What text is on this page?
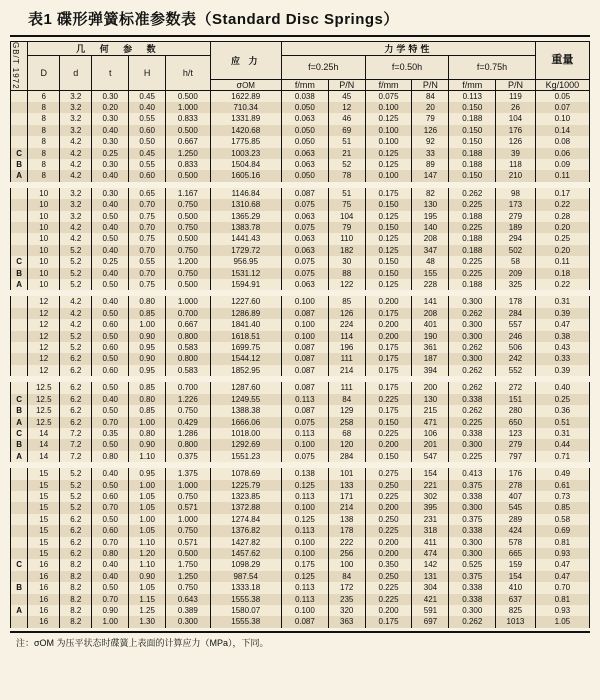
表1 碟形弹簧标准参数表（Standard Disc Springs）
GB/T 1972	几 何 参 数					应 力	力学特性						重量

	D	d	t	H	h/t		f=0.25h		f=0.50h		f=0.75h		
						σOM	f/mm	P/N	f/mm	P/N	f/mm	P/N	Kg/1000
	6	3.2	0.30	0.45	0.500	1622.89	0.038	45	0.075	84	0.113	119	0.05
	8	3.2	0.20	0.40	1.000	710.34	0.050	12	0.100	20	0.150	26	0.07
	8	3.2	0.30	0.55	0.833	1331.89	0.063	46	0.125	79	0.188	104	0.10
	8	3.2	0.40	0.60	0.500	1420.68	0.050	69	0.100	126	0.150	176	0.14
	8	4.2	0.30	0.50	0.667	1775.85	0.050	51	0.100	92	0.150	126	0.08
C	8	4.2	0.25	0.45	1.250	1003.23	0.063	21	0.125	33	0.188	39	0.06
B	8	4.2	0.30	0.55	0.833	1504.84	0.063	52	0.125	89	0.188	118	0.09
A	8	4.2	0.40	0.60	0.500	1605.16	0.050	78	0.100	147	0.150	210	0.11

	10	3.2	0.30	0.65	1.167	1146.84	0.087	51	0.175	82	0.262	98	0.17
	10	3.2	0.40	0.70	0.750	1310.68	0.075	75	0.150	130	0.225	173	0.22
	10	3.2	0.50	0.75	0.500	1365.29	0.063	104	0.125	195	0.188	279	0.28
	10	4.2	0.40	0.70	0.750	1383.78	0.075	79	0.150	140	0.225	189	0.20
	10	4.2	0.50	0.75	0.500	1441.43	0.063	110	0.125	208	0.188	294	0.25
	10	5.2	0.40	0.70	0.750	1729.72	0.063	182	0.125	347	0.188	502	0.20
C	10	5.2	0.25	0.55	1.200	956.95	0.075	30	0.150	48	0.225	58	0.11
B	10	5.2	0.40	0.70	0.750	1531.12	0.075	88	0.150	155	0.225	209	0.18
A	10	5.2	0.50	0.75	0.500	1594.91	0.063	122	0.125	228	0.188	325	0.22

	12	4.2	0.40	0.80	1.000	1227.60	0.100	85	0.200	141	0.300	178	0.31
	12	4.2	0.50	0.85	0.700	1286.89	0.087	126	0.175	208	0.262	284	0.39
	12	4.2	0.60	1.00	0.667	1841.40	0.100	224	0.200	401	0.300	557	0.47
	12	5.2	0.50	0.90	0.800	1618.51	0.100	114	0.200	190	0.300	246	0.38
	12	5.2	0.60	0.95	0.583	1699.75	0.087	196	0.175	361	0.262	506	0.43
	12	6.2	0.50	0.90	0.800	1544.12	0.087	111	0.175	187	0.300	242	0.33
	12	6.2	0.60	0.95	0.583	1852.95	0.087	214	0.175	394	0.262	552	0.39

	12.5	6.2	0.50	0.85	0.700	1287.60	0.087	111	0.175	200	0.262	272	0.40
C	12.5	6.2	0.40	0.80	1.226	1249.55	0.113	84	0.225	130	0.338	151	0.25
B	12.5	6.2	0.50	0.85	0.750	1388.38	0.087	129	0.175	215	0.262	280	0.36
A	12.5	6.2	0.70	1.00	0.429	1666.06	0.075	258	0.150	471	0.225	650	0.51
C	14	7.2	0.35	0.80	1.286	1018.00	0.113	68	0.225	106	0.338	123	0.31
B	14	7.2	0.50	0.90	0.800	1292.69	0.100	120	0.200	201	0.300	279	0.44
A	14	7.2	0.80	1.10	0.375	1551.23	0.075	284	0.150	547	0.225	797	0.71

	15	5.2	0.40	0.95	1.375	1078.69	0.138	101	0.275	154	0.413	176	0.49
	15	5.2	0.50	1.00	1.000	1225.79	0.125	133	0.250	221	0.375	278	0.61
	15	5.2	0.60	1.05	0.750	1323.85	0.113	171	0.225	302	0.338	407	0.73
	15	5.2	0.70	1.05	0.571	1372.88	0.100	214	0.200	395	0.300	545	0.85
	15	6.2	0.50	1.00	1.000	1274.84	0.125	138	0.250	231	0.375	289	0.58
	15	6.2	0.60	1.05	0.750	1376.82	0.113	178	0.225	318	0.338	424	0.69
	15	6.2	0.70	1.10	0.571	1427.82	0.100	222	0.200	411	0.300	578	0.81
	15	6.2	0.80	1.20	0.500	1457.62	0.100	256	0.200	474	0.300	665	0.93
C	16	8.2	0.40	1.10	1.750	1098.29	0.175	100	0.350	142	0.525	159	0.47
	16	8.2	0.40	0.90	1.250	987.54	0.125	84	0.250	131	0.375	154	0.47
B	16	8.2	0.50	1.05	0.750	1333.18	0.113	172	0.225	304	0.338	410	0.70
	16	8.2	0.70	1.15	0.643	1555.38	0.113	235	0.225	421	0.338	637	0.81
A	16	8.2	0.90	1.25	0.389	1580.07	0.100	320	0.200	591	0.300	825	0.93
	16	8.2	1.00	1.30	0.300	1555.38	0.087	363	0.175	697	0.262	1013	1.05
注：σOM 为压平状态时碟簧上表面的计算应力（MPa），下同。
